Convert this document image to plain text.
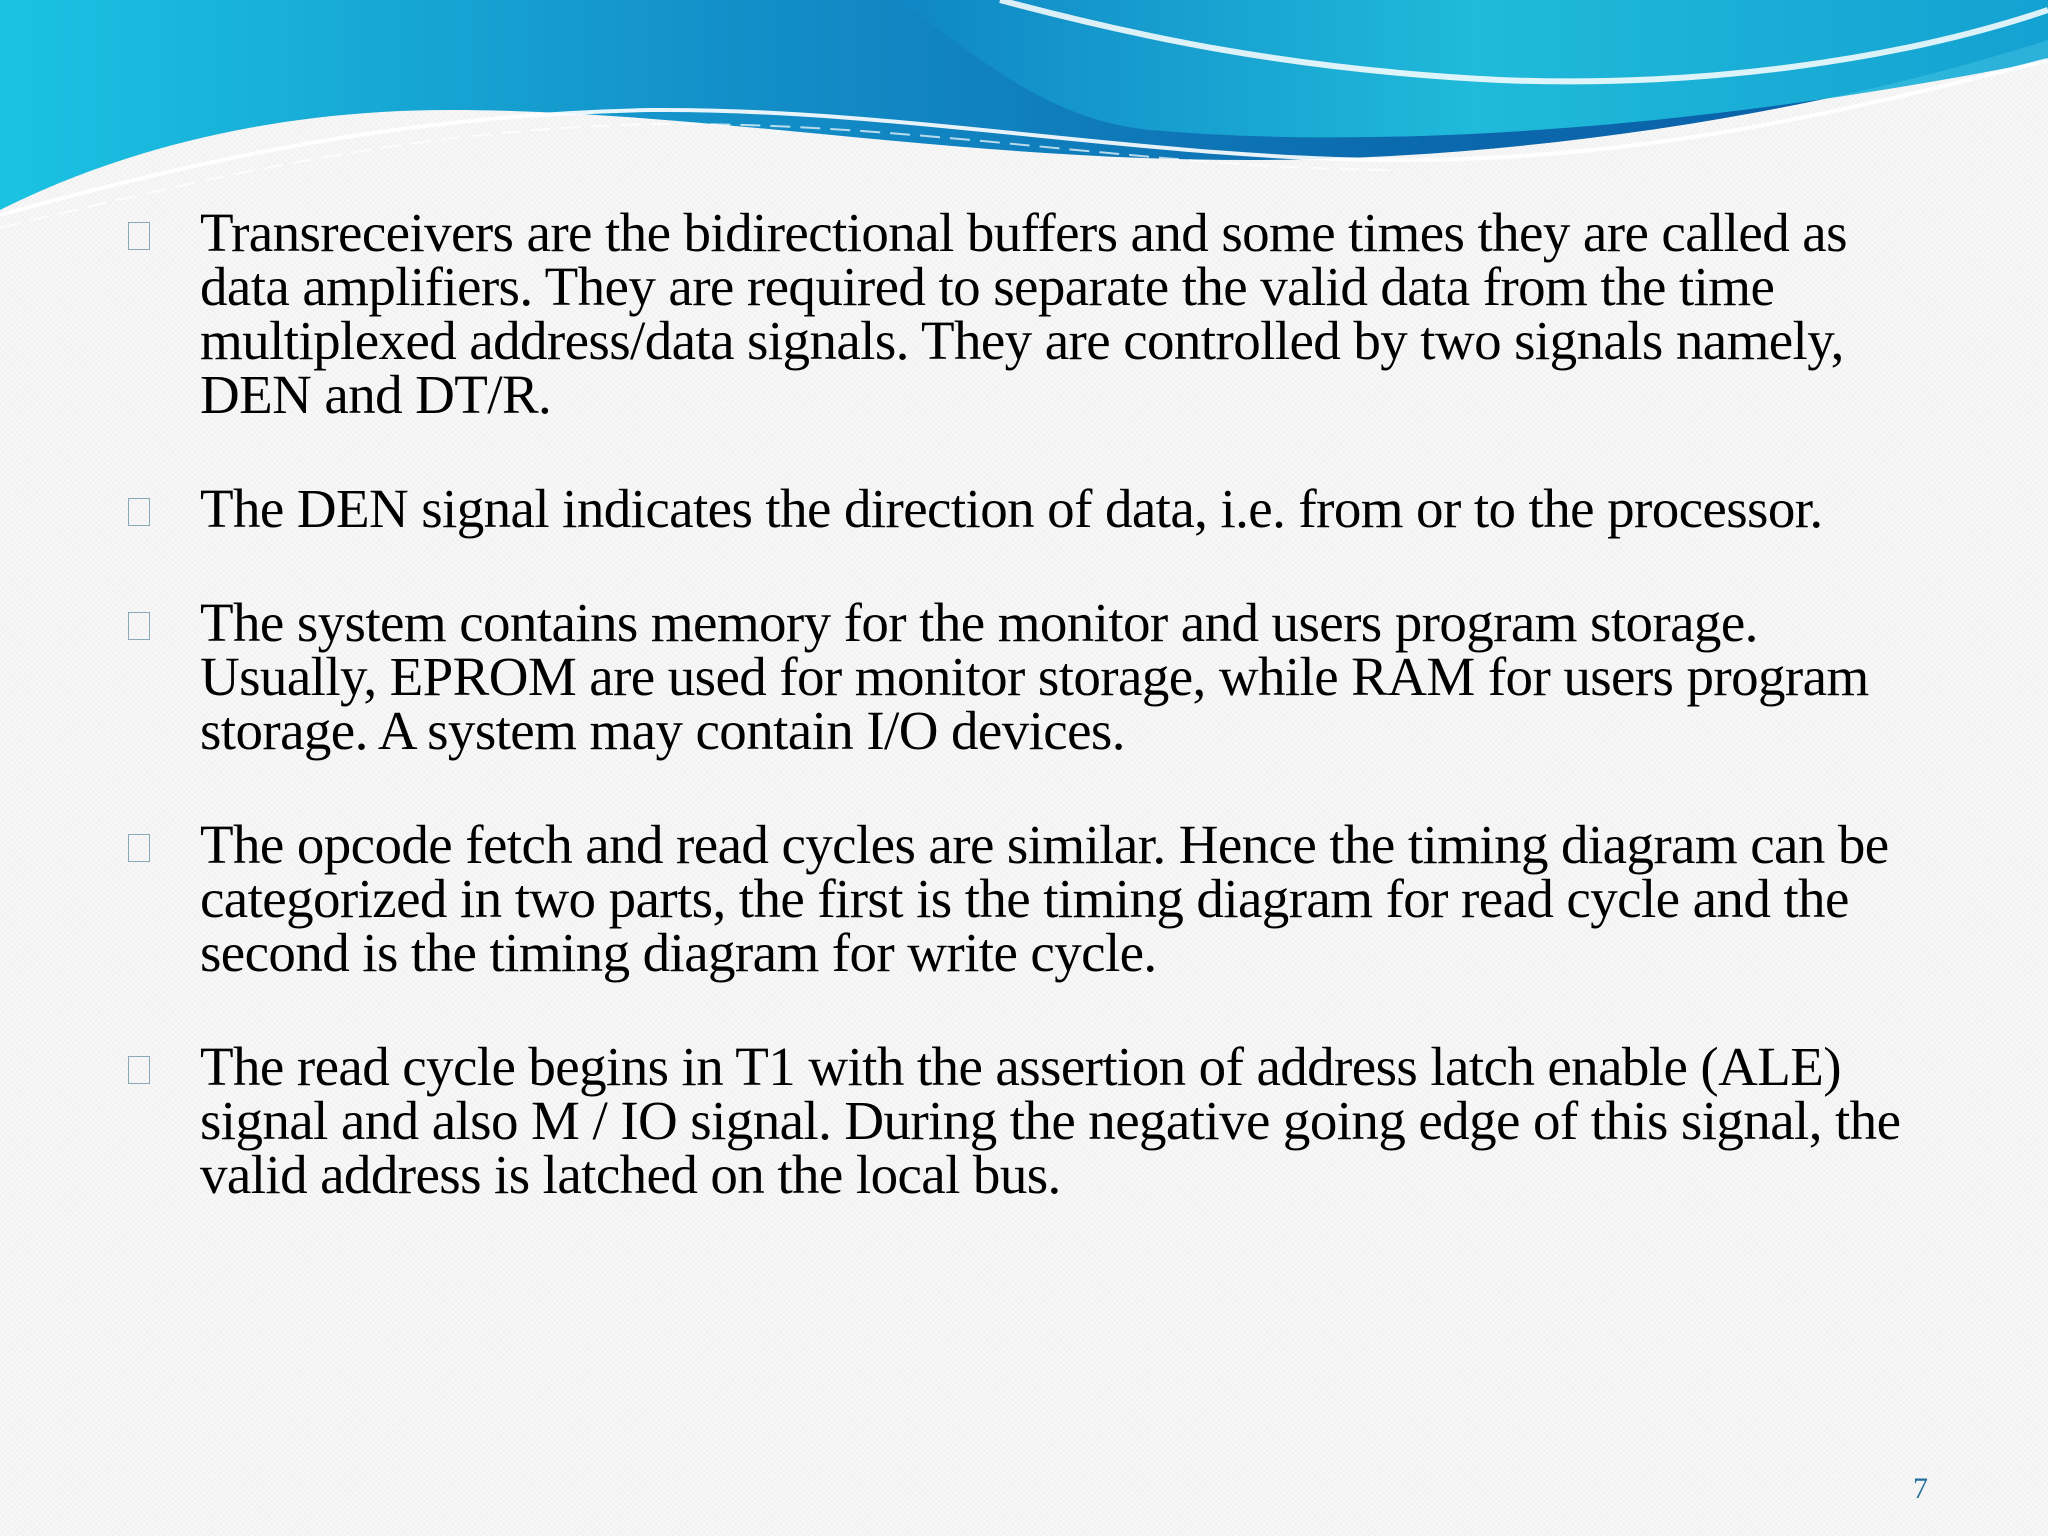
Transreceivers are the bidirectional buffers and some times they are called as data amplifiers. They are required to separate the valid data from the time multiplexed address/data signals. They are controlled by two signals namely, DEN and DT/R.
The DEN signal indicates the direction of data, i.e. from or to the processor.
The system contains memory for the monitor and users program storage. Usually, EPROM are used for monitor storage, while RAM for users program storage. A system may contain I/O devices.
The opcode fetch and read cycles are similar. Hence the timing diagram can be categorized in two parts, the first is the timing diagram for read cycle and the second is the timing diagram for write cycle.
The read cycle begins in T1 with the assertion of address latch enable (ALE) signal and also M / IO signal. During the negative going edge of this signal, the valid address is latched on the local bus.
7
